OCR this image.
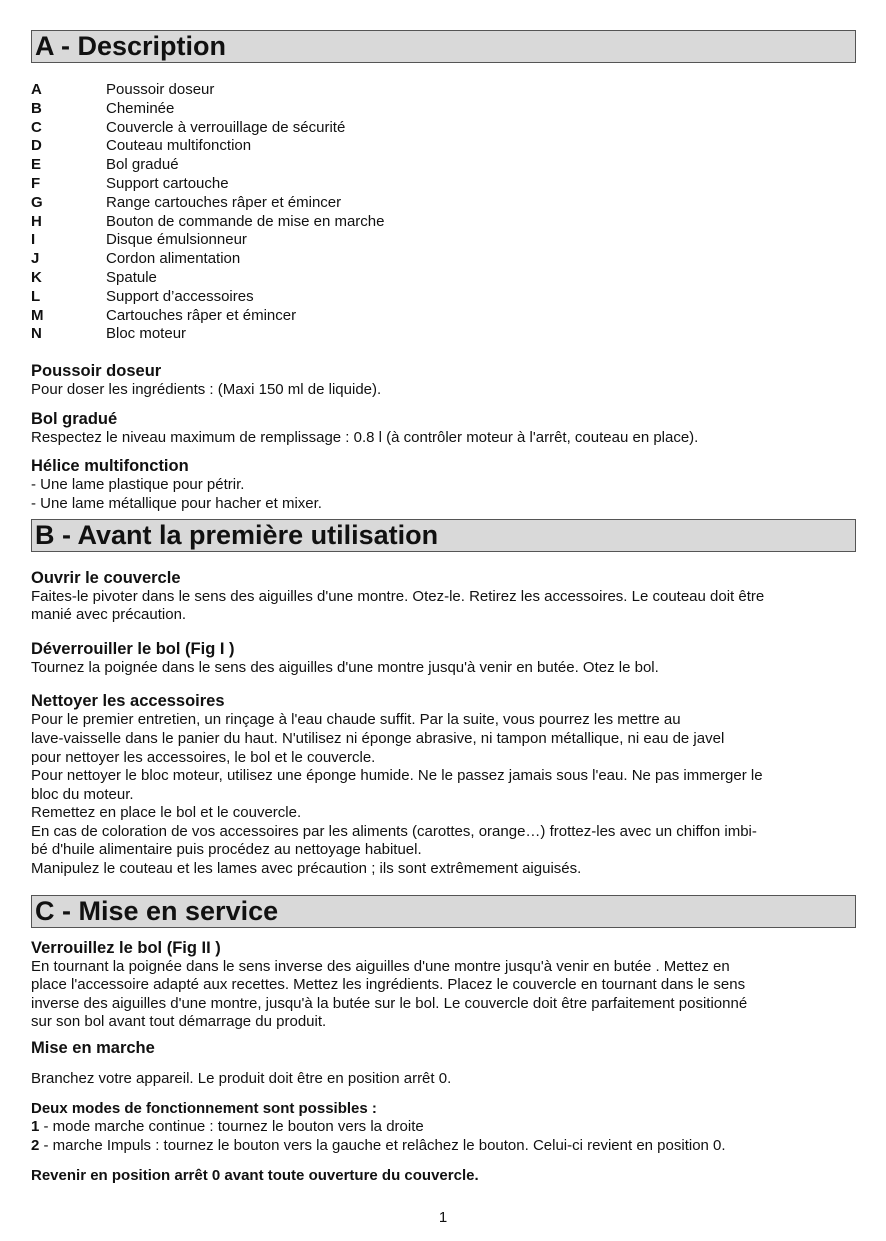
A - Description
A	Poussoir doseur
B	Cheminée
C	Couvercle à verrouillage de sécurité
D	Couteau multifonction
E	Bol gradué
F	Support cartouche
G	Range cartouches râper et émincer
H	Bouton de commande de mise en marche
I	Disque émulsionneur
J	Cordon alimentation
K	Spatule
L	Support d’accessoires
M	Cartouches râper et émincer
N	Bloc moteur
Poussoir doseur
Pour doser les ingrédients : (Maxi 150 ml de liquide).
Bol gradué
Respectez le niveau maximum de remplissage : 0.8 l (à contrôler moteur à l'arrêt, couteau en place).
Hélice multifonction
- Une lame plastique pour pétrir.
- Une lame métallique pour hacher et mixer.
B - Avant la première utilisation
Ouvrir le couvercle
Faites-le pivoter dans le sens des aiguilles d'une montre. Otez-le. Retirez les accessoires. Le couteau doit être
manié avec précaution.
Déverrouiller le bol (Fig I )
Tournez la poignée dans le sens des aiguilles d'une montre jusqu'à venir en butée. Otez le bol.
Nettoyer les accessoires
Pour le premier entretien, un rinçage à l'eau chaude suffit. Par la suite, vous pourrez les mettre au
lave-vaisselle dans le panier du haut. N'utilisez ni éponge abrasive, ni tampon métallique, ni eau de javel
pour nettoyer les accessoires, le bol et le couvercle.
Pour nettoyer le bloc moteur, utilisez une éponge humide. Ne le passez jamais sous l'eau. Ne pas immerger le
bloc du moteur.
Remettez en place le bol et le couvercle.
En cas de coloration de vos accessoires par les aliments (carottes, orange…) frottez-les avec un chiffon imbi-
bé d'huile alimentaire puis procédez au nettoyage habituel.
Manipulez le couteau et les lames avec précaution ; ils sont extrêmement aiguisés.
C - Mise en service
Verrouillez le bol (Fig II )
En tournant la poignée dans le sens inverse des aiguilles d'une montre jusqu'à venir en butée . Mettez en
place l'accessoire adapté aux recettes. Mettez les ingrédients. Placez le couvercle en tournant dans le sens
inverse des aiguilles d'une montre, jusqu'à la butée sur le bol. Le couvercle doit être parfaitement positionné
sur son bol avant tout démarrage du produit.
Mise en marche
Branchez votre appareil. Le produit doit être en position arrêt 0.
Deux modes de fonctionnement sont possibles :
1 - mode marche continue : tournez le bouton vers la droite
2 - marche Impuls : tournez le bouton vers la gauche et relâchez le bouton. Celui-ci revient en position 0.
Revenir en position arrêt 0 avant toute ouverture du couvercle.
1
